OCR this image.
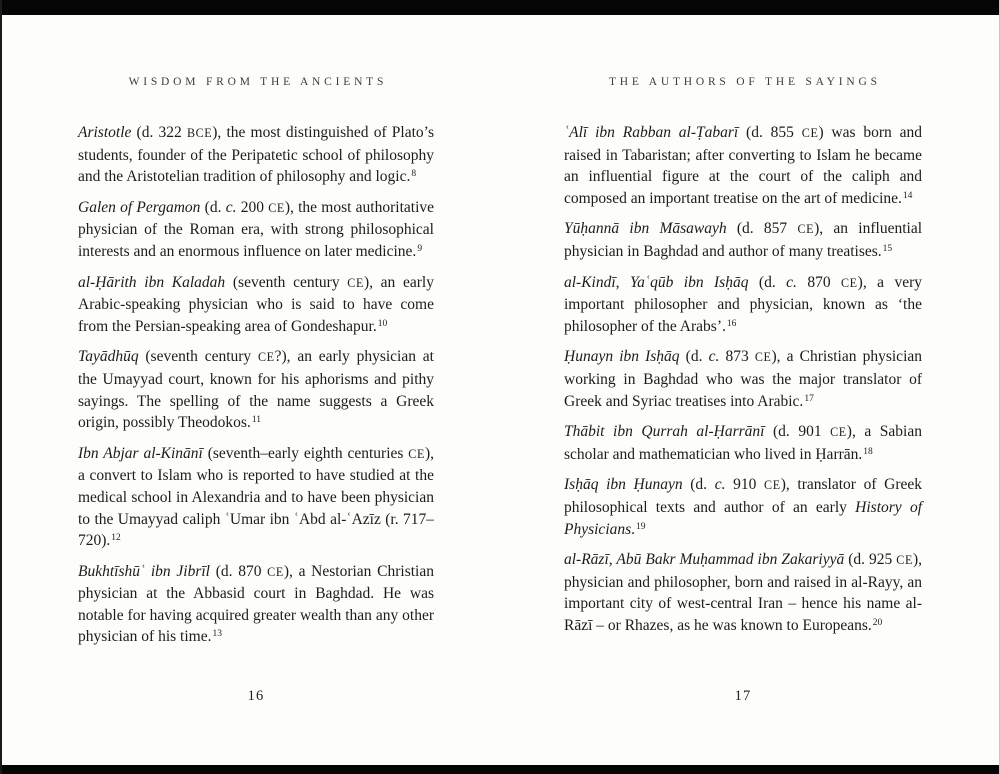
WISDOM FROM THE ANCIENTS

Aristotle (d. 322 BCE), the most distinguished of Plato’s students, founder of the Peripatetic school of philosophy and the Aristotelian tradition of philosophy and logic.$^8$

Galen of Pergamon (d. c. 200 CE), the most authoritative physician of the Roman era, with strong philosophical interests and an enormous influence on later medicine.$^9$

al-Ḥārith ibn Kaladah (seventh century CE), an early Arabic-speaking physician who is said to have come from the Persian-speaking area of Gondeshapur.$^{10}$

Tayādhūq (seventh century CE?), an early physician at the Umayyad court, known for his aphorisms and pithy sayings. The spelling of the name suggests a Greek origin, possibly Theodokos.$^{11}$

Ibn Abjar al-Kinānī (seventh–early eighth centuries CE), a convert to Islam who is reported to have studied at the medical school in Alexandria and to have been physician to the Umayyad caliph ʿUmar ibn ʿAbd al-ʿAzīz (r. 717–720).$^{12}$

Bukhtīshūʿ ibn Jibrīl (d. 870 CE), a Nestorian Christian physician at the Abbasid court in Baghdad. He was notable for having acquired greater wealth than any other physician of his time.$^{13}$

16
THE AUTHORS OF THE SAYINGS

ʿAlī ibn Rabban al-Ṭabarī (d. 855 CE) was born and raised in Tabaristan; after converting to Islam he became an influential figure at the court of the caliph and composed an important treatise on the art of medicine.$^{14}$

Yūḥannā ibn Māsawayh (d. 857 CE), an influential physician in Baghdad and author of many treatises.$^{15}$

al-Kindī, Yaʿqūb ibn Isḥāq (d. c. 870 CE), a very important philosopher and physician, known as ‘the philosopher of the Arabs’.$^{16}$

Ḥunayn ibn Isḥāq (d. c. 873 CE), a Christian physician working in Baghdad who was the major translator of Greek and Syriac treatises into Arabic.$^{17}$

Thābit ibn Qurrah al-Ḥarrānī (d. 901 CE), a Sabian scholar and mathematician who lived in Ḥarrān.$^{18}$

Isḥāq ibn Ḥunayn (d. c. 910 CE), translator of Greek philosophical texts and author of an early History of Physicians.$^{19}$

al-Rāzī, Abū Bakr Muḥammad ibn Zakariyyā (d. 925 CE), physician and philosopher, born and raised in al-Rayy, an important city of west-central Iran – hence his name al-Rāzī – or Rhazes, as he was known to Europeans.$^{20}$

17
